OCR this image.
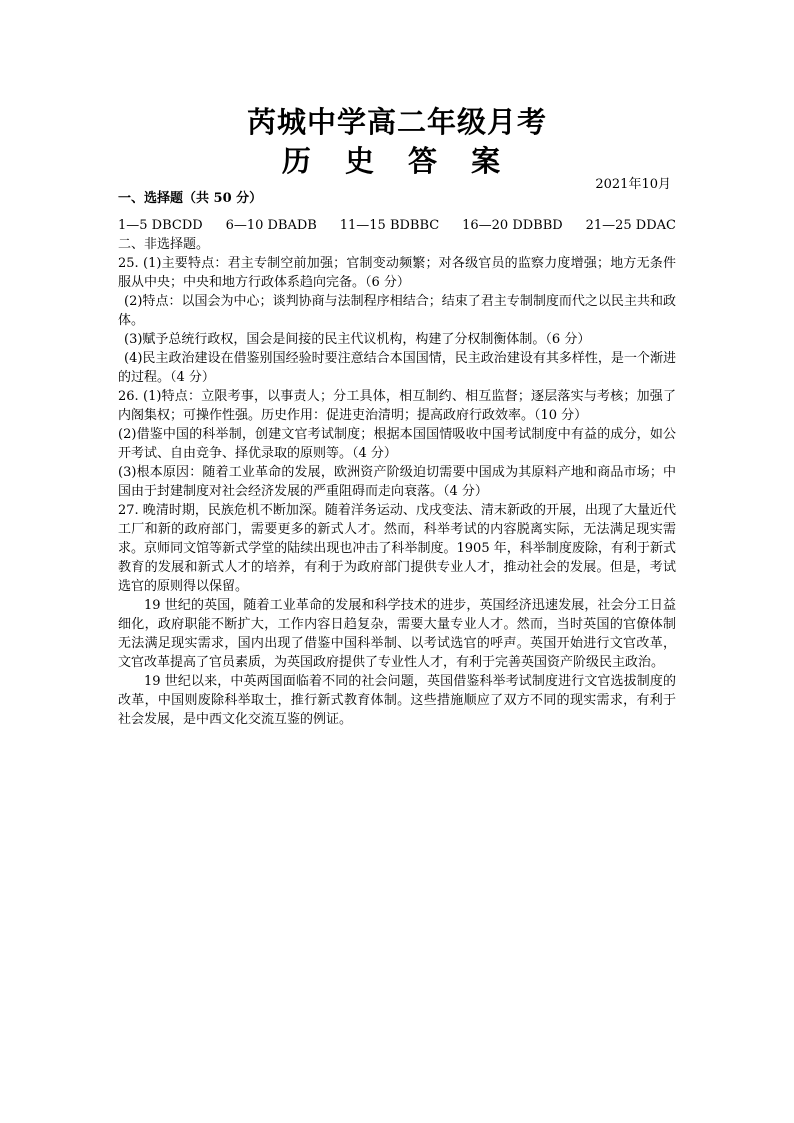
芮城中学高二年级月考
历 史 答 案
2021年10月

一、选择题（共 50 分）

1—5 DBCDD 6—10 DBADB 11—15 BDBBC 16—20 DDBBD 21—25 DDAC

二、非选择题。

25. (1)主要特点：君主专制空前加强；官制变动频繁；对各级官员的监察力度增强；地方无条件服从中央；中央和地方行政体系趋向完备。（6 分）

(2)特点：以国会为中心；谈判协商与法制程序相结合；结束了君主专制制度而代之以民主共和政体。

(3)赋予总统行政权，国会是间接的民主代议机构，构建了分权制衡体制。（6 分）

(4)民主政治建设在借鉴别国经验时要注意结合本国国情，民主政治建设有其多样性，是一个渐进的过程。（4 分）

26. (1)特点：立限考事，以事责人；分工具体，相互制约、相互监督；逐层落实与考核；加强了内阁集权；可操作性强。历史作用：促进吏治清明；提高政府行政效率。（10 分）

(2)借鉴中国的科举制，创建文官考试制度；根据本国国情吸收中国考试制度中有益的成分，如公开考试、自由竞争、择优录取的原则等。（4 分）

(3)根本原因：随着工业革命的发展，欧洲资产阶级迫切需要中国成为其原料产地和商品市场；中国由于封建制度对社会经济发展的严重阻碍而走向衰落。（4 分）

27. 晚清时期，民族危机不断加深。随着洋务运动、戊戌变法、清末新政的开展，出现了大量近代工厂和新的政府部门，需要更多的新式人才。然而，科举考试的内容脱离实际，无法满足现实需求。京师同文馆等新式学堂的陆续出现也冲击了科举制度。1905 年，科举制度废除，有利于新式教育的发展和新式人才的培养，有利于为政府部门提供专业人才，推动社会的发展。但是，考试选官的原则得以保留。

19 世纪的英国，随着工业革命的发展和科学技术的进步，英国经济迅速发展，社会分工日益细化，政府职能不断扩大，工作内容日趋复杂，需要大量专业人才。然而，当时英国的官僚体制无法满足现实需求，国内出现了借鉴中国科举制、以考试选官的呼声。英国开始进行文官改革，文官改革提高了官员素质，为英国政府提供了专业性人才，有利于完善英国资产阶级民主政治。

19 世纪以来，中英两国面临着不同的社会问题，英国借鉴科举考试制度进行文官选拔制度的改革，中国则废除科举取士，推行新式教育体制。这些措施顺应了双方不同的现实需求，有利于社会发展，是中西文化交流互鉴的例证。
